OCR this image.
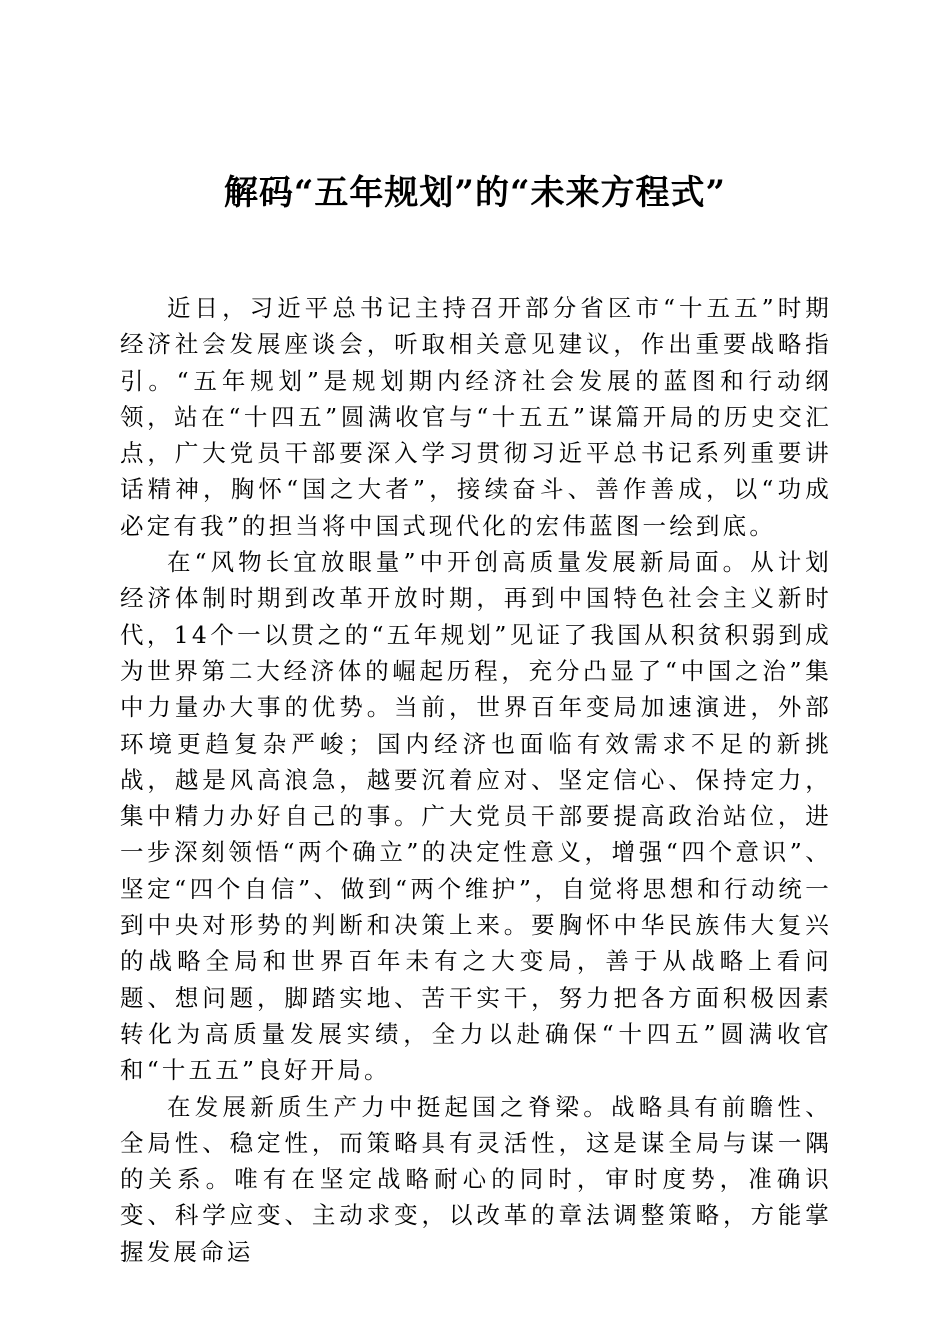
解码“五年规划”的“未来方程式”

近日，习近平总书记主持召开部分省区市“十五五”时期经济社会发展座谈会，听取相关意见建议，作出重要战略指引。“五年规划”是规划期内经济社会发展的蓝图和行动纲领，站在“十四五”圆满收官与“十五五”谋篇开局的历史交汇点，广大党员干部要深入学习贯彻习近平总书记系列重要讲话精神，胸怀“国之大者”，接续奋斗、善作善成，以“功成必定有我”的担当将中国式现代化的宏伟蓝图一绘到底。

在“风物长宜放眼量”中开创高质量发展新局面。从计划经济体制时期到改革开放时期，再到中国特色社会主义新时代，14个一以贯之的“五年规划”见证了我国从积贫积弱到成为世界第二大经济体的崛起历程，充分凸显了“中国之治”集中力量办大事的优势。当前，世界百年变局加速演进，外部环境更趋复杂严峻；国内经济也面临有效需求不足的新挑战，越是风高浪急，越要沉着应对、坚定信心、保持定力，集中精力办好自己的事。广大党员干部要提高政治站位，进一步深刻领悟“两个确立”的决定性意义，增强“四个意识”、坚定“四个自信”、做到“两个维护”，自觉将思想和行动统一到中央对形势的判断和决策上来。要胸怀中华民族伟大复兴的战略全局和世界百年未有之大变局，善于从战略上看问题、想问题，脚踏实地、苦干实干，努力把各方面积极因素转化为高质量发展实绩，全力以赴确保“十四五”圆满收官和“十五五”良好开局。

在发展新质生产力中挺起国之脊梁。战略具有前瞻性、全局性、稳定性，而策略具有灵活性，这是谋全局与谋一隅的关系。唯有在坚定战略耐心的同时，审时度势，准确识变、科学应变、主动求变，以改革的章法调整策略，方能掌握发展命运
